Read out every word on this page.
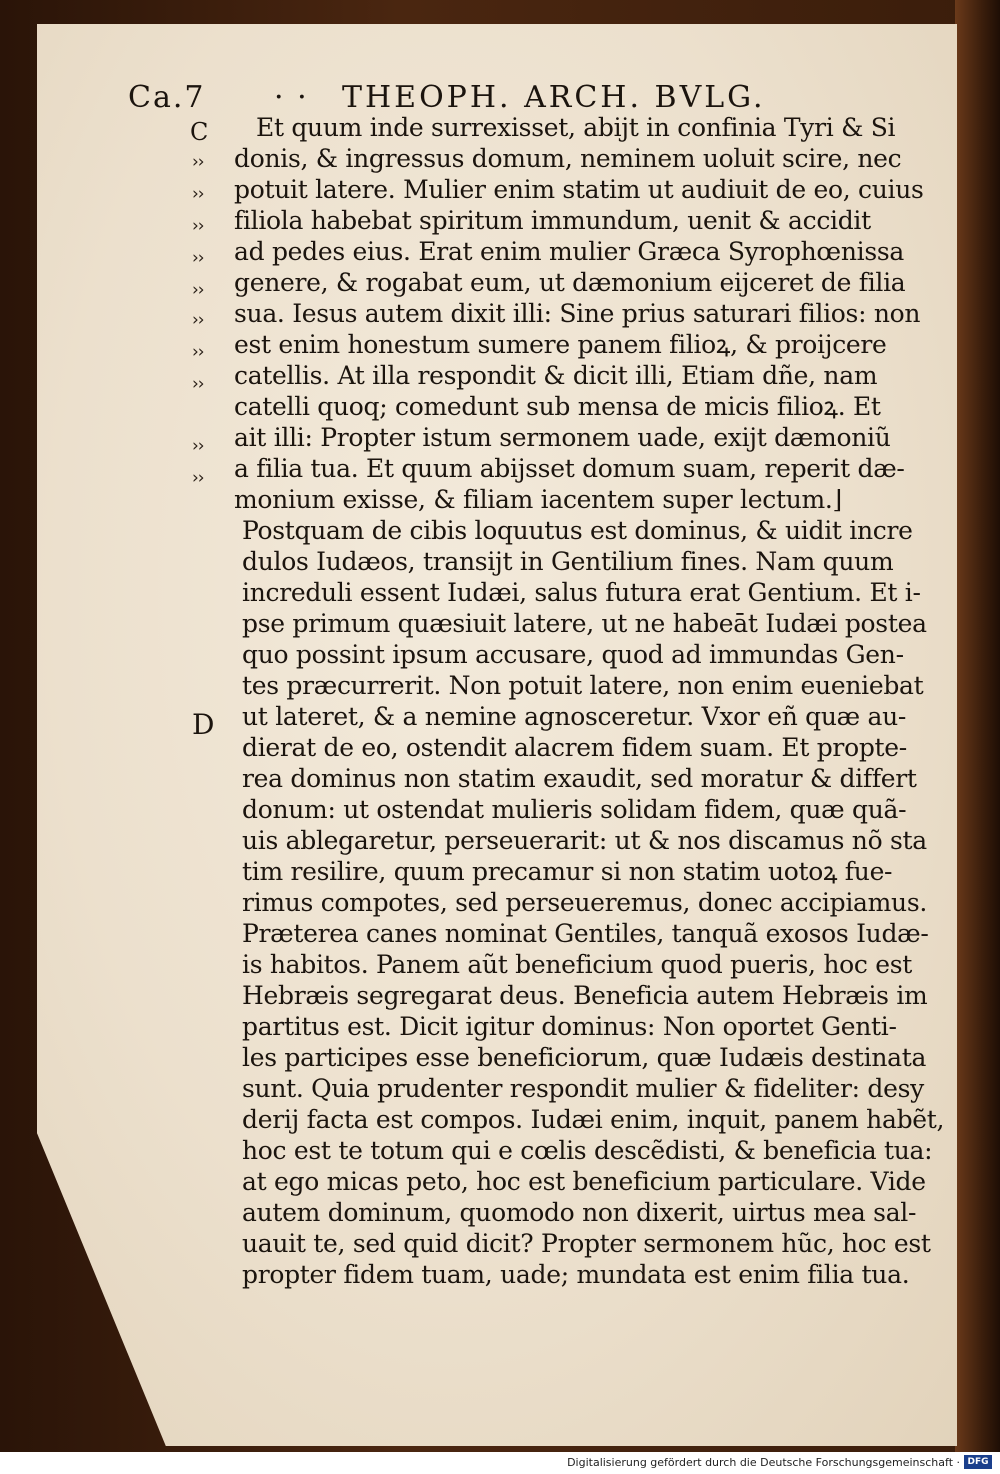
Ca.7 · · THEOPH. ARCH. BVLG.
C
D
››
››
››
››
››
››
››
››
››
››
Et quum inde surrexisset, abijt in confinia Tyri & Si
donis, & ingressus domum, neminem uoluit scire, nec
potuit latere. Mulier enim statim ut audiuit de eo, cuius
filiola habebat spiritum immundum, uenit & accidit
ad pedes eius. Erat enim mulier Græca Syrophœnissa
genere, & rogabat eum, ut dæmonium eijceret de filia
sua. Iesus autem dixit illi: Sine prius saturari filios: non
est enim honestum sumere panem filioꝝ, & proijcere
catellis. At illa respondit & dicit illi, Etiam dñe, nam
catelli quoq; comedunt sub mensa de micis filioꝝ. Et
ait illi: Propter istum sermonem uade, exijt dæmoniũ
a filia tua. Et quum abijsset domum suam, reperit dæ-
monium exisse, & filiam iacentem super lectum.⌋
Postquam de cibis loquutus est dominus, & uidit incre
dulos Iudæos, transijt in Gentilium fines. Nam quum
increduli essent Iudæi, salus futura erat Gentium. Et i-
pse primum quæsiuit latere, ut ne habeāt Iudæi postea
quo possint ipsum accusare, quod ad immundas Gen-
tes præcurrerit. Non potuit latere, non enim eueniebat
ut lateret, & a nemine agnosceretur. Vxor eñ quæ au-
dierat de eo, ostendit alacrem fidem suam. Et propte-
rea dominus non statim exaudit, sed moratur & differt
donum: ut ostendat mulieris solidam fidem, quæ quã-
uis ablegaretur, perseuerarit: ut & nos discamus nõ sta
tim resilire, quum precamur si non statim uotoꝝ fue-
rimus compotes, sed perseueremus, donec accipiamus.
Præterea canes nominat Gentiles, tanquã exosos Iudæ-
is habitos. Panem aũt beneficium quod pueris, hoc est
Hebræis segregarat deus. Beneficia autem Hebræis im
partitus est. Dicit igitur dominus: Non oportet Genti-
les participes esse beneficiorum, quæ Iudæis destinata
sunt. Quia prudenter respondit mulier & fideliter: desy
derij facta est compos. Iudæi enim, inquit, panem habẽt,
hoc est te totum qui e cœlis descẽdisti, & beneficia tua:
at ego micas peto, hoc est beneficium particulare. Vide
autem dominum, quomodo non dixerit, uirtus mea sal-
uauit te, sed quid dicit? Propter sermonem hũc, hoc est
propter fidem tuam, uade; mundata est enim filia tua.
Digitalisierung gefördert durch die Deutsche Forschungsgemeinschaft · DFG
